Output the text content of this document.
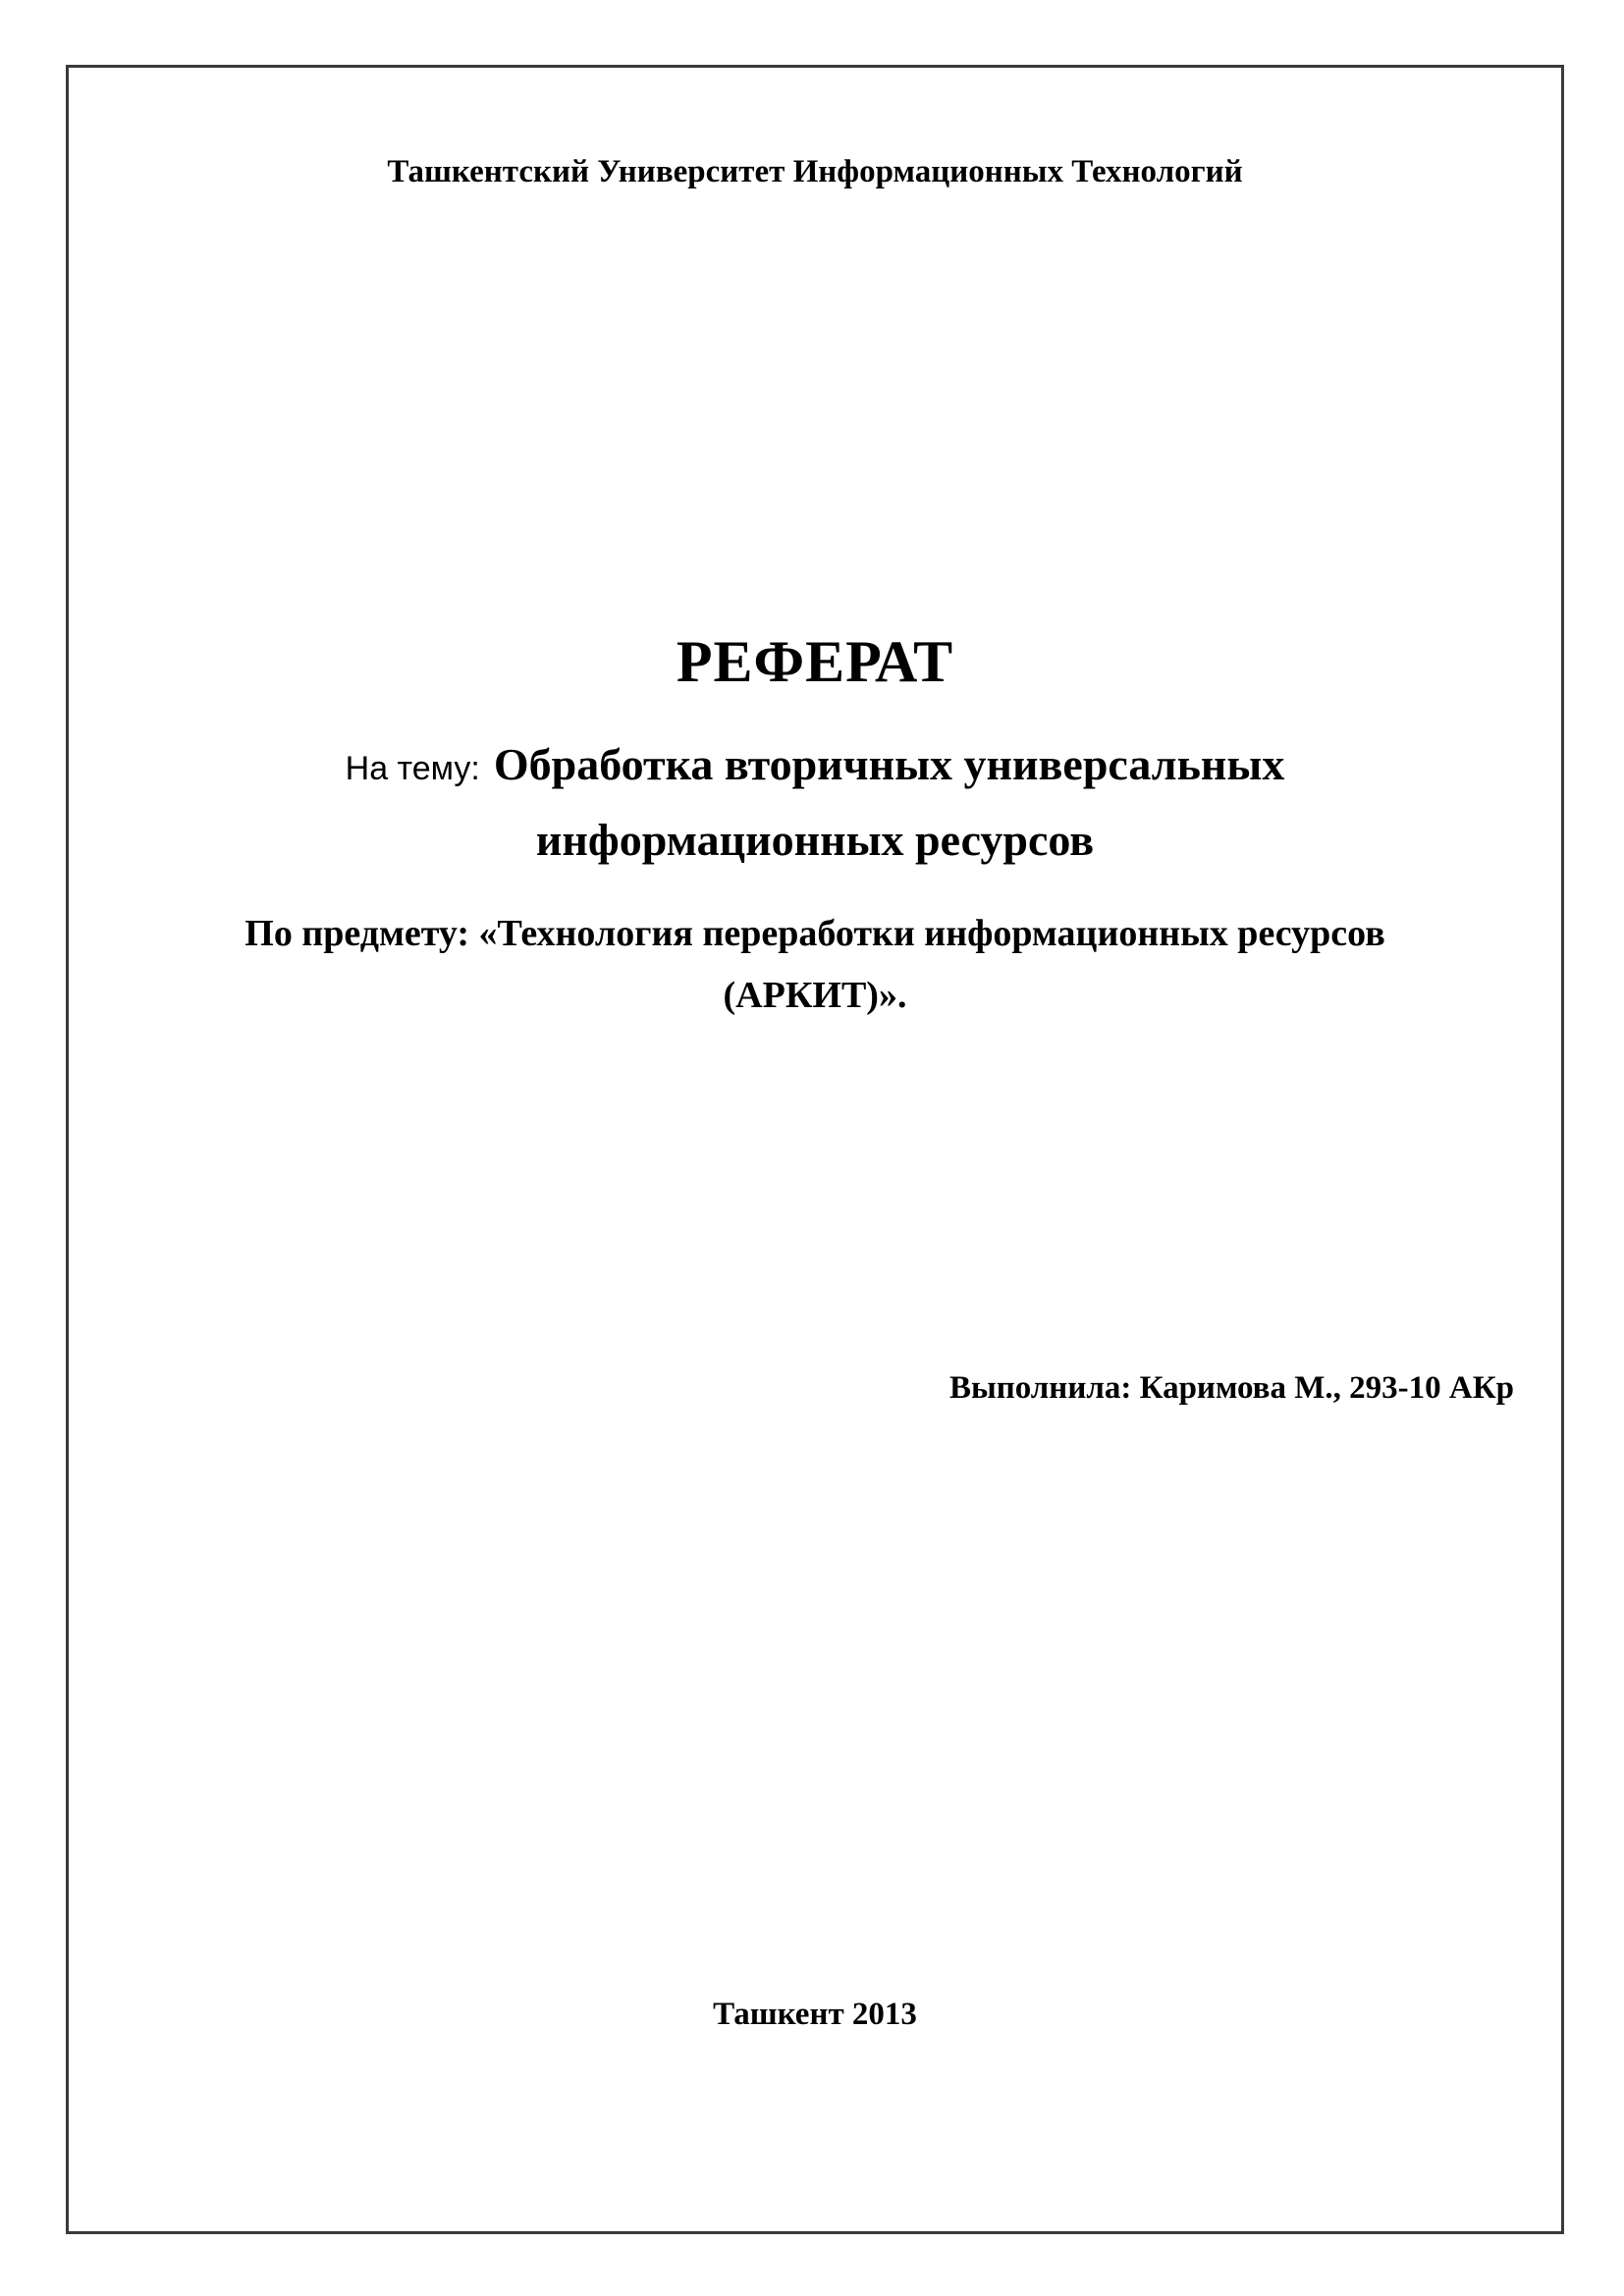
Ташкентский Университет Информационных Технологий

РЕФЕРАТ

На тему: Обработка вторичных универсальных

информационных ресурсов

По предмету: «Технология переработки информационных ресурсов

(АРКИТ)».

Выполнила: Каримова М., 293-10 АКр

Ташкент 2013
